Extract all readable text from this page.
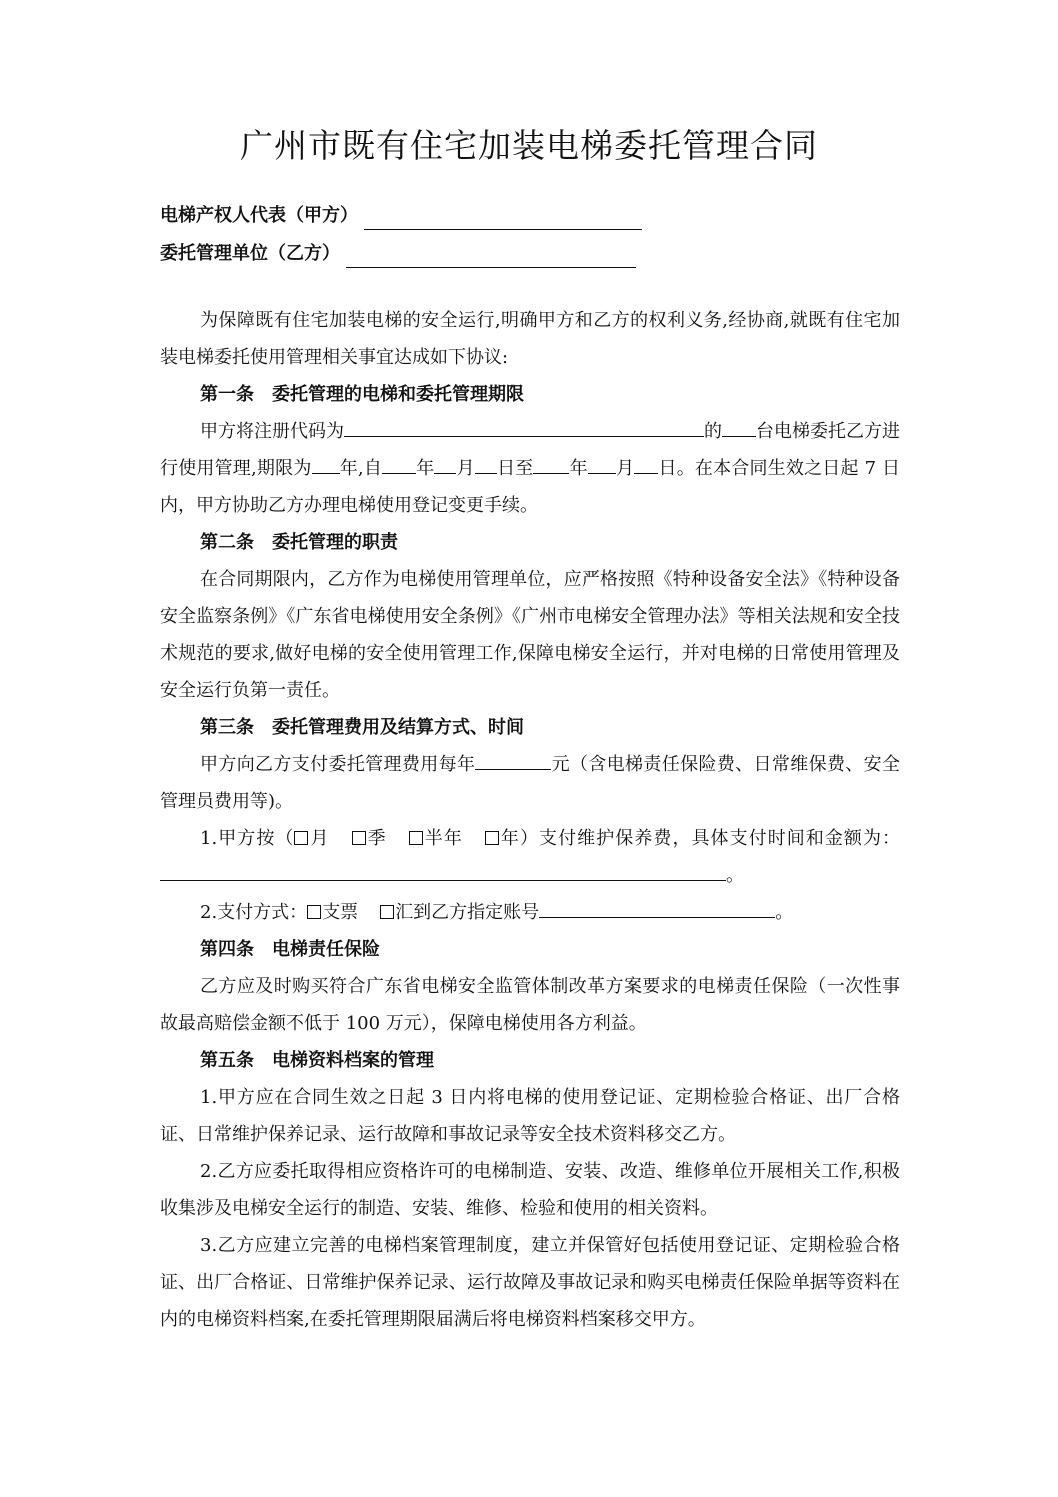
广州市既有住宅加装电梯委托管理合同
电梯产权人代表（甲方）
委托管理单位（乙方）

为保障既有住宅加装电梯的安全运行,明确甲方和乙方的权利义务,经协商,就既有住宅加装电梯委托使用管理相关事宜达成如下协议:

第一条　委托管理的电梯和委托管理期限

甲方将注册代码为	的 台电梯委托乙方进行使用管理,期限为 年,自 年 月 日至 年 月 日。在本合同生效之日起 7 日内，甲方协助乙方办理电梯使用登记变更手续。

第二条　委托管理的职责

在合同期限内，乙方作为电梯使用管理单位，应严格按照《特种设备安全法》《特种设备安全监察条例》《广东省电梯使用安全条例》《广州市电梯安全管理办法》等相关法规和安全技术规范的要求,做好电梯的安全使用管理工作,保障电梯安全运行，并对电梯的日常使用管理及安全运行负第一责任。

第三条　委托管理费用及结算方式、时间

甲方向乙方支付委托管理费用每年	元（含电梯责任保险费、日常维保费、安全管理员费用等)。

1.甲方按（ 月 季 半年 年）支付维护保养费，具体支付时间和金额为：。

2.支付方式： 支票 汇到乙方指定账号	。

第四条　电梯责任保险

乙方应及时购买符合广东省电梯安全监管体制改革方案要求的电梯责任保险（一次性事故最高赔偿金额不低于 100 万元），保障电梯使用各方利益。

第五条　电梯资料档案的管理

1.甲方应在合同生效之日起 3 日内将电梯的使用登记证、定期检验合格证、出厂合格证、日常维护保养记录、运行故障和事故记录等安全技术资料移交乙方。

2.乙方应委托取得相应资格许可的电梯制造、安装、改造、维修单位开展相关工作,积极收集涉及电梯安全运行的制造、安装、维修、检验和使用的相关资料。

3.乙方应建立完善的电梯档案管理制度，建立并保管好包括使用登记证、定期检验合格证、出厂合格证、日常维护保养记录、运行故障及事故记录和购买电梯责任保险单据等资料在内的电梯资料档案,在委托管理期限届满后将电梯资料档案移交甲方。
